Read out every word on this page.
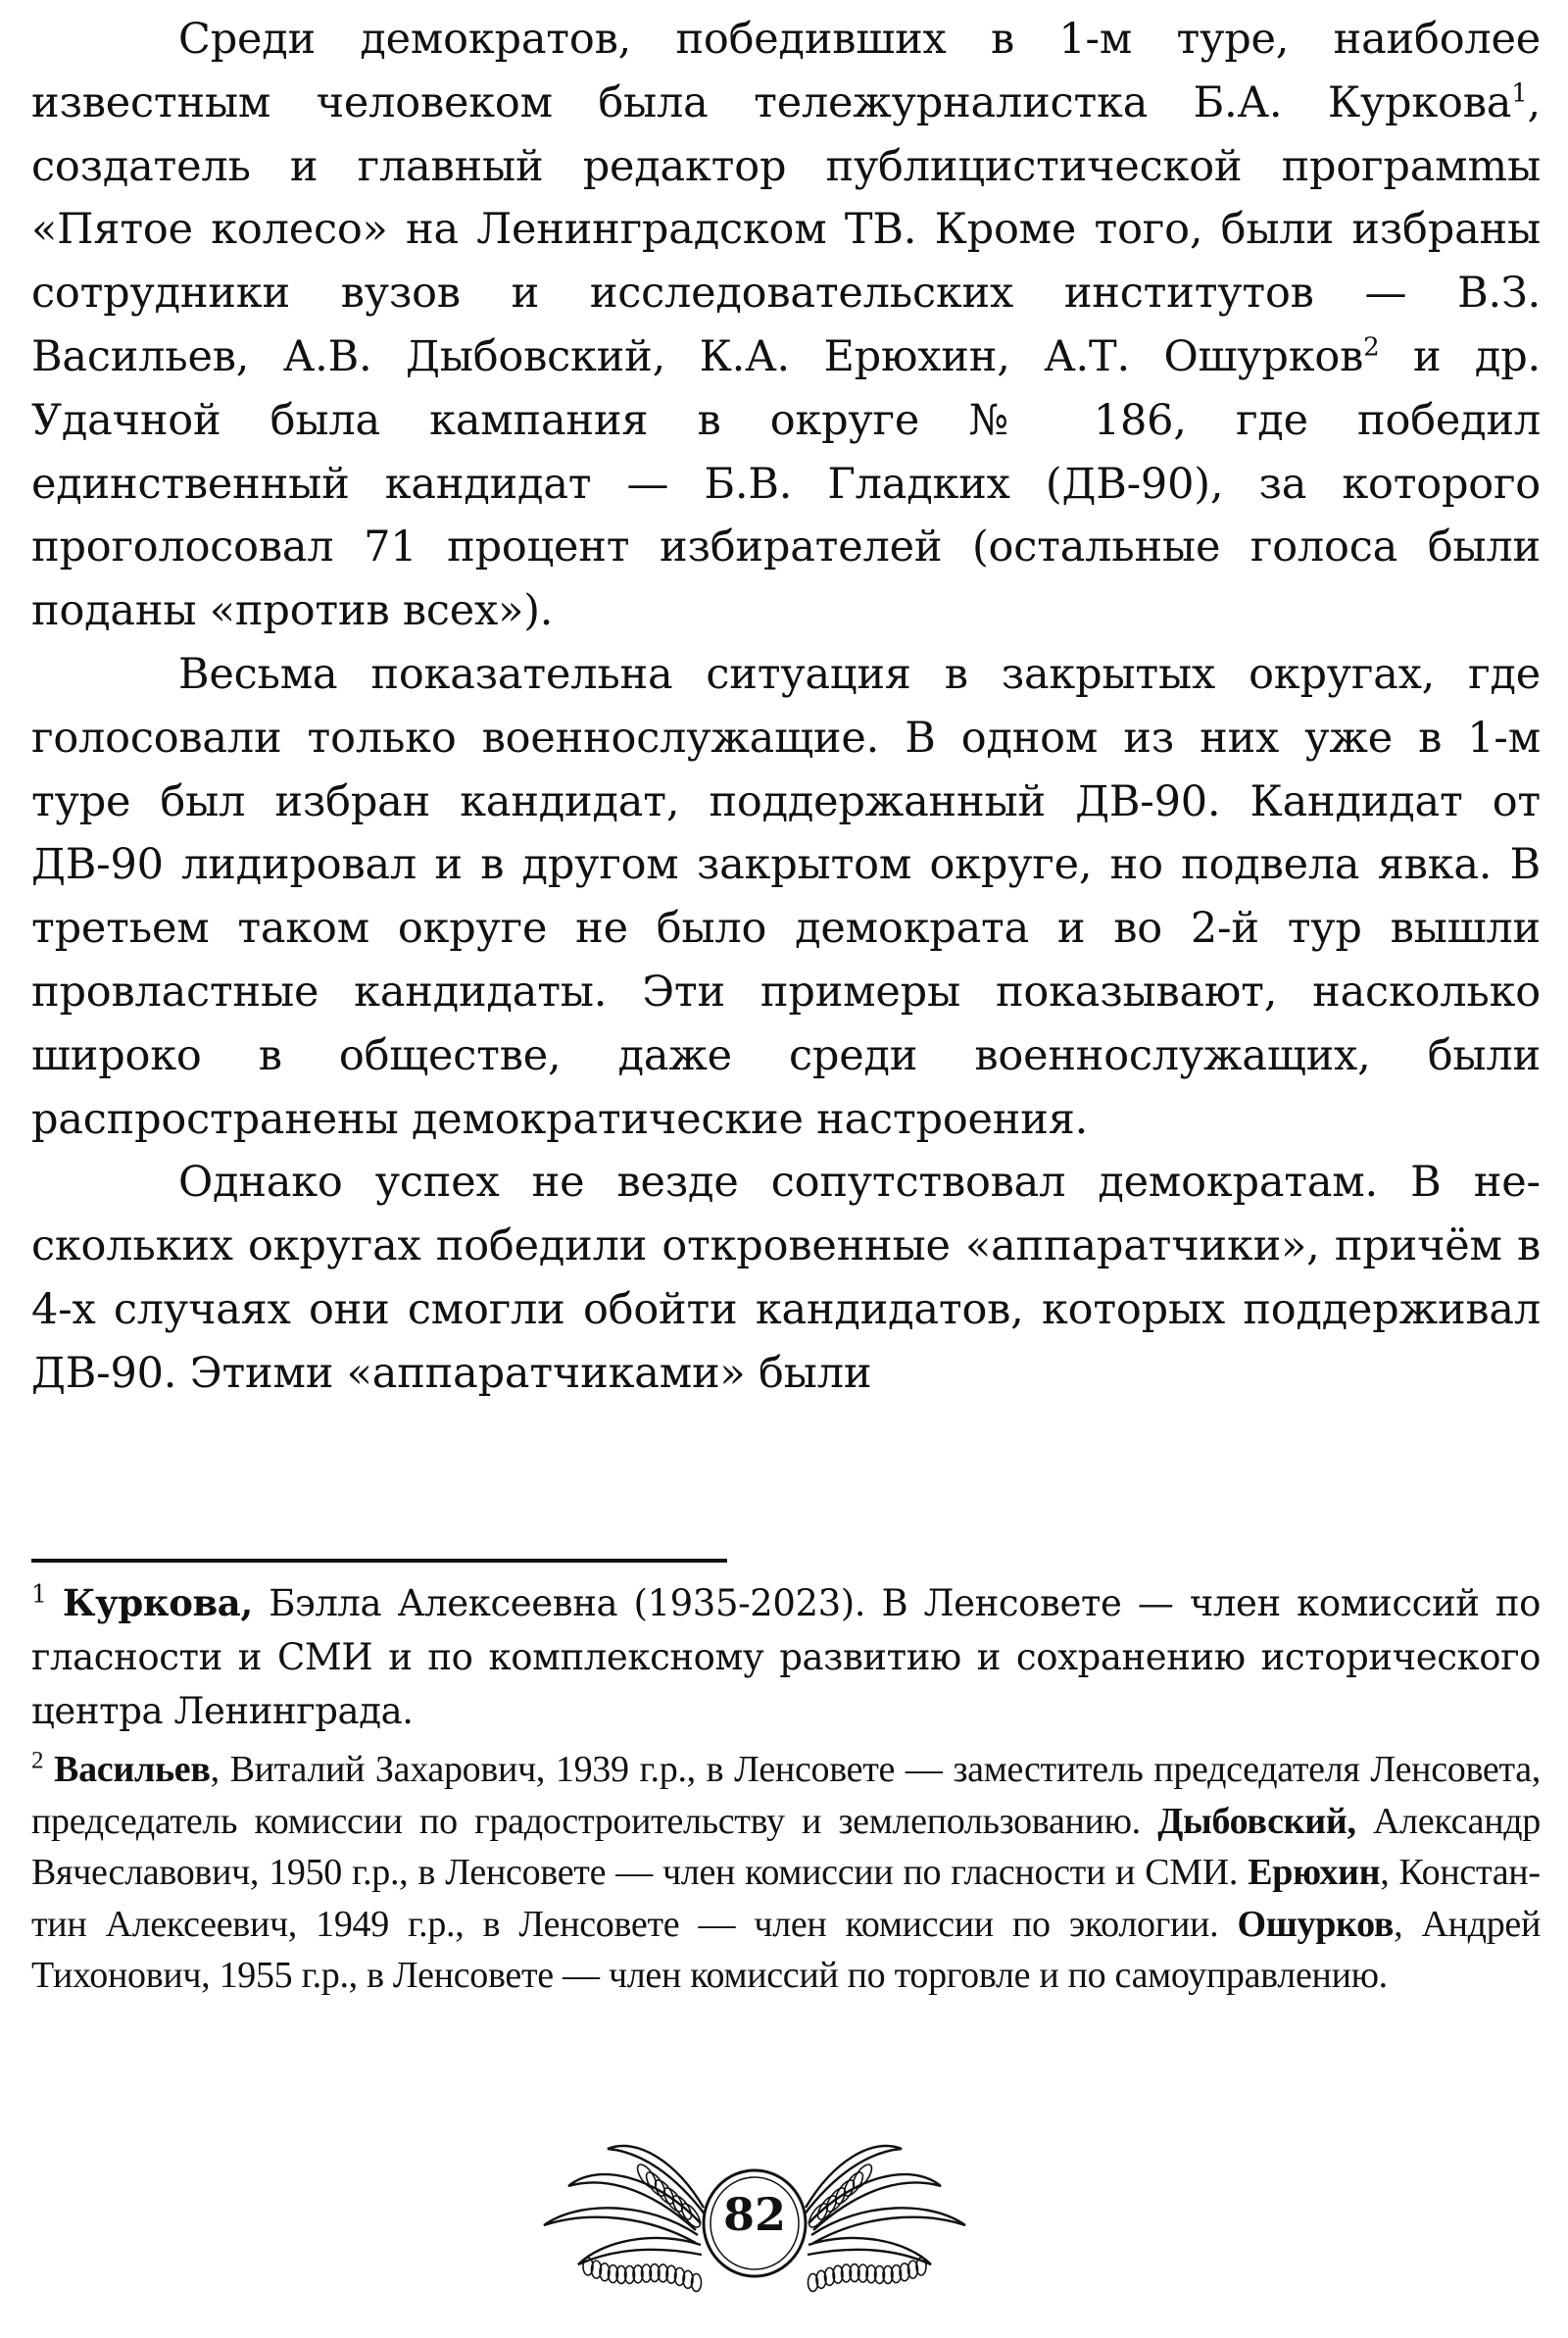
Среди демократов, победивших в 1-м туре, наиболее известным человеком была тележурналистка Б.А. Куркова$^1$, создатель и главный редактор публицистической програмmы «Пятое колесо» на Ленинградском ТВ. Кроме того, были избраны сотрудники вузов и исследовательских институтов — В.З. Васильев, А.В. Дыбовский, К.А. Ерюхин, А.Т. Ошурков$^2$ и др. Удачной была кампания в округе № 186, где победил единственный кандидат — Б.В. Гладких (ДВ-90), за которого проголосовал 71 процент избирателей (остальные голоса были поданы «против всех»).

Весьма показательна ситуация в закрытых округах, где голосовали только военнослужащие. В одном из них уже в 1-м туре был избран кандидат, поддержанный ДВ-90. Кандидат от ДВ-90 лидировал и в другом закрытом округе, но подвела явка. В третьем таком округе не было демократа и во 2-й тур вышли провластные кандидаты. Эти примеры показывают, насколько широко в обществе, даже среди военнослужащих, были распространены демократические настроения.

Однако успех не везде сопутствовал демократам. В нескольких округах победили откровенные «аппаратчики», причём в 4-х случаях они смогли обойти кандидатов, которых поддерживал ДВ-90. Этими «аппаратчиками» были

$^1$ Куркова, Бэлла Алексеевна (1935-2023). В Ленсовете — член комиссий по гласности и СМИ и по комплексному развитию и сохранению исторического центра Ленинграда.

$^2$ Васильев, Виталий Захарович, 1939 г.р., в Ленсовете — заместитель председателя Ленсовета, председатель комиссии по градостроительству и землепользованию. Дыбовский, Александр Вячеславович, 1950 г.р., в Ленсовете — член комиссии по гласности и СМИ. Ерюхин, Константин Алексеевич, 1949 г.р., в Ленсовете — член комиссии по экологии. Ошурков, Андрей Тихонович, 1955 г.р., в Ленсовете — член комиссий по торговле и по самоуправлению.

82
